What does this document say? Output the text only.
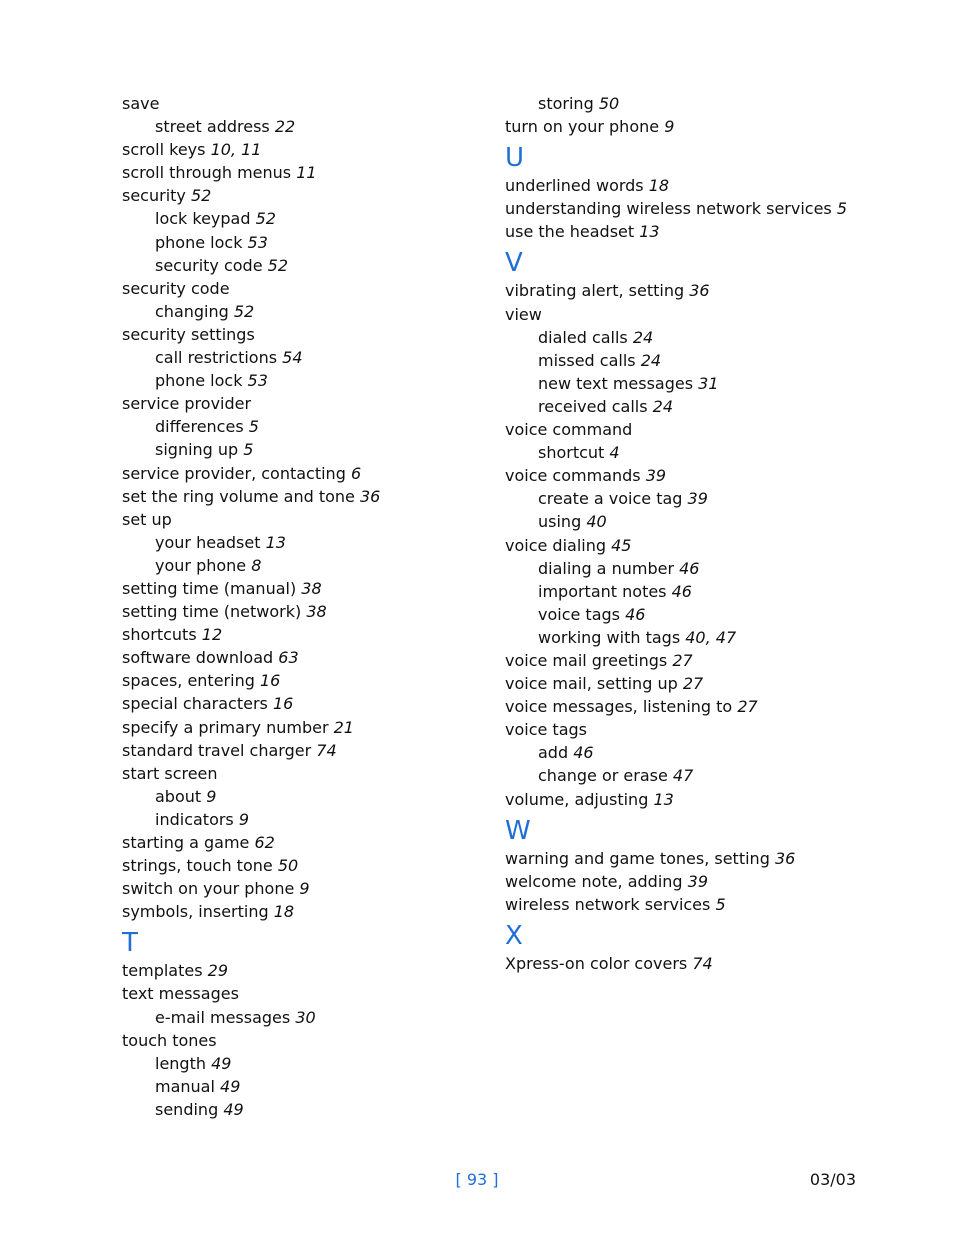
save
street address 22
scroll keys 10, 11
scroll through menus 11
security 52
lock keypad 52
phone lock 53
security code 52
security code
changing 52
security settings
call restrictions 54
phone lock 53
service provider
differences 5
signing up 5
service provider, contacting 6
set the ring volume and tone 36
set up
your headset 13
your phone 8
setting time (manual) 38
setting time (network) 38
shortcuts 12
software download 63
spaces, entering 16
special characters 16
specify a primary number 21
standard travel charger 74
start screen
about 9
indicators 9
starting a game 62
strings, touch tone 50
switch on your phone 9
symbols, inserting 18
T
templates 29
text messages
e-mail messages 30
touch tones
length 49
manual 49
sending 49
storing 50
turn on your phone 9
U
underlined words 18
understanding wireless network services 5
use the headset 13
V
vibrating alert, setting 36
view
dialed calls 24
missed calls 24
new text messages 31
received calls 24
voice command
shortcut 4
voice commands 39
create a voice tag 39
using 40
voice dialing 45
dialing a number 46
important notes 46
voice tags 46
working with tags 40, 47
voice mail greetings 27
voice mail, setting up 27
voice messages, listening to 27
voice tags
add 46
change or erase 47
volume, adjusting 13
W
warning and game tones, setting 36
welcome note, adding 39
wireless network services 5
X
Xpress-on color covers 74
[ 93 ]	03/03
